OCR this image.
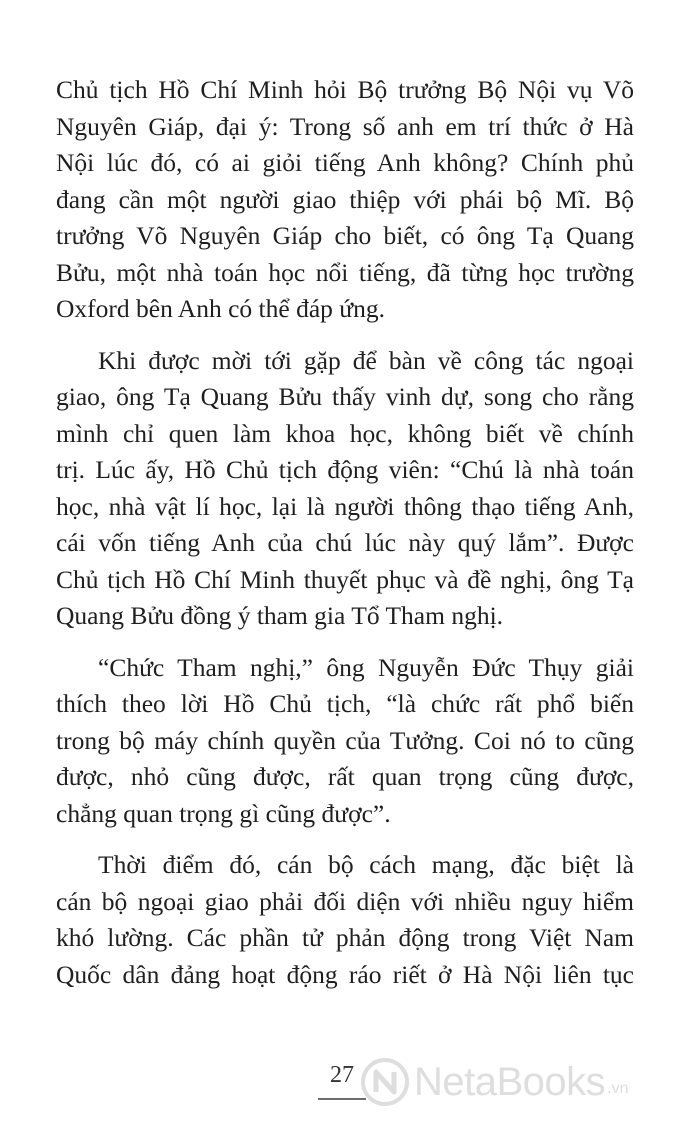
Chủ tịch Hồ Chí Minh hỏi Bộ trưởng Bộ Nội vụ Võ
Nguyên Giáp, đại ý: Trong số anh em trí thức ở Hà
Nội lúc đó, có ai giỏi tiếng Anh không? Chính phủ
đang cần một người giao thiệp với phái bộ Mĩ. Bộ
trưởng Võ Nguyên Giáp cho biết, có ông Tạ Quang
Bửu, một nhà toán học nổi tiếng, đã từng học trường
Oxford bên Anh có thể đáp ứng.
Khi được mời tới gặp để bàn về công tác ngoại
giao, ông Tạ Quang Bửu thấy vinh dự, song cho rằng
mình chỉ quen làm khoa học, không biết về chính
trị. Lúc ấy, Hồ Chủ tịch động viên: “Chú là nhà toán
học, nhà vật lí học, lại là người thông thạo tiếng Anh,
cái vốn tiếng Anh của chú lúc này quý lắm”. Được
Chủ tịch Hồ Chí Minh thuyết phục và đề nghị, ông Tạ
Quang Bửu đồng ý tham gia Tổ Tham nghị.
“Chức Tham nghị,” ông Nguyễn Đức Thụy giải
thích theo lời Hồ Chủ tịch, “là chức rất phổ biến
trong bộ máy chính quyền của Tưởng. Coi nó to cũng
được, nhỏ cũng được, rất quan trọng cũng được,
chẳng quan trọng gì cũng được”.
Thời điểm đó, cán bộ cách mạng, đặc biệt là
cán bộ ngoại giao phải đối diện với nhiều nguy hiểm
khó lường. Các phần tử phản động trong Việt Nam
Quốc dân đảng hoạt động ráo riết ở Hà Nội liên tục
27 NetaBooks .vn
